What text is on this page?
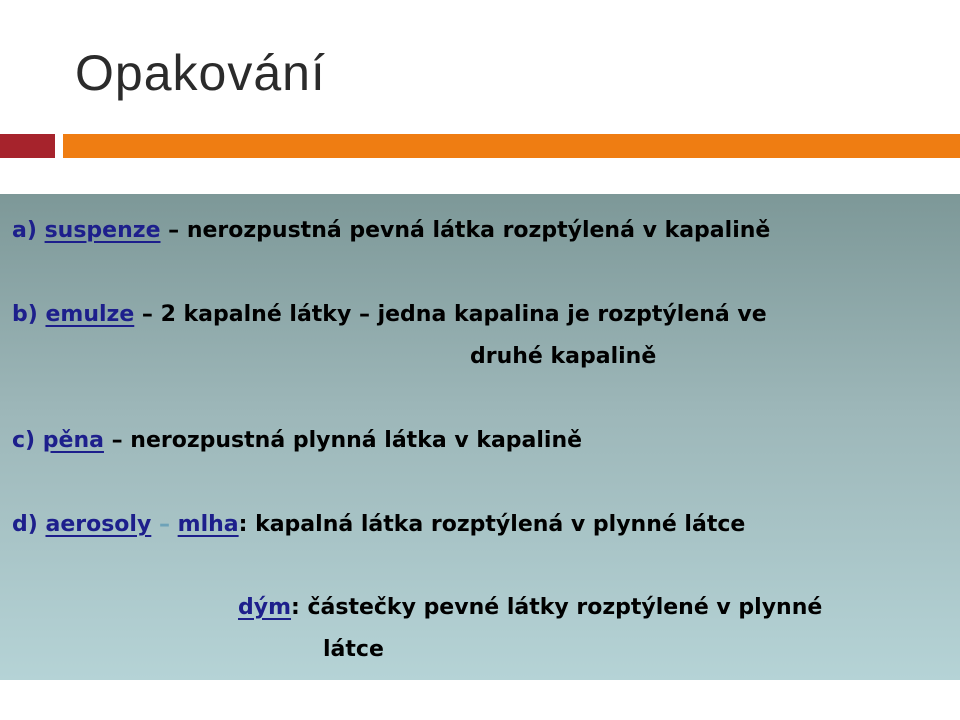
Opakování
a) suspenze – nerozpustná pevná látka rozptýlená v kapalině
b) emulze – 2 kapalné látky – jedna kapalina je rozptýlená ve
druhé kapalině
c) pěna – nerozpustná plynná látka v kapalině
d) aerosoly – mlha: kapalná látka rozptýlená v plynné látce
dým: částečky pevné látky rozptýlené v plynné
látce
